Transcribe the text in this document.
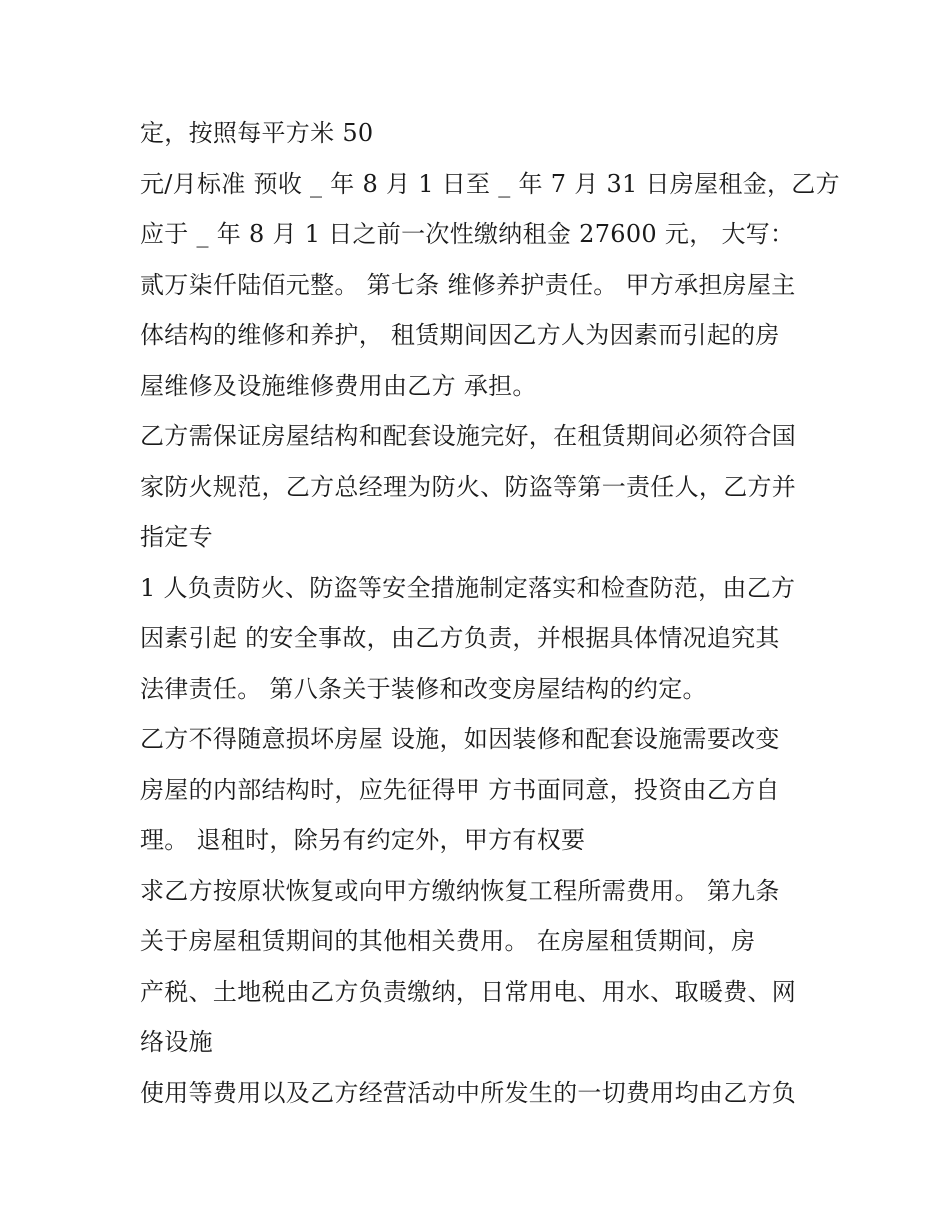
定，按照每平方米 50
元/月标准 预收 _ 年 8 月 1 日至 _ 年 7 月 31 日房屋租金，乙方
应于 _ 年 8 月 1 日之前一次性缴纳租金 27600 元， 大写：
贰万柒仟陆佰元整。 第七条 维修养护责任。 甲方承担房屋主
体结构的维修和养护， 租赁期间因乙方人为因素而引起的房
屋维修及设施维修费用由乙方 承担。
乙方需保证房屋结构和配套设施完好，在租赁期间必须符合国
家防火规范，乙方总经理为防火、防盗等第一责任人，乙方并
指定专
1 人负责防火、防盗等安全措施制定落实和检查防范，由乙方
因素引起 的安全事故，由乙方负责，并根据具体情况追究其
法律责任。 第八条关于装修和改变房屋结构的约定。
乙方不得随意损坏房屋 设施，如因装修和配套设施需要改变
房屋的内部结构时，应先征得甲 方书面同意，投资由乙方自
理。 退租时，除另有约定外，甲方有权要
求乙方按原状恢复或向甲方缴纳恢复工程所需费用。 第九条
关于房屋租赁期间的其他相关费用。 在房屋租赁期间，房
产税、土地税由乙方负责缴纳，日常用电、用水、取暖费、网
络设施
使用等费用以及乙方经营活动中所发生的一切费用均由乙方负
